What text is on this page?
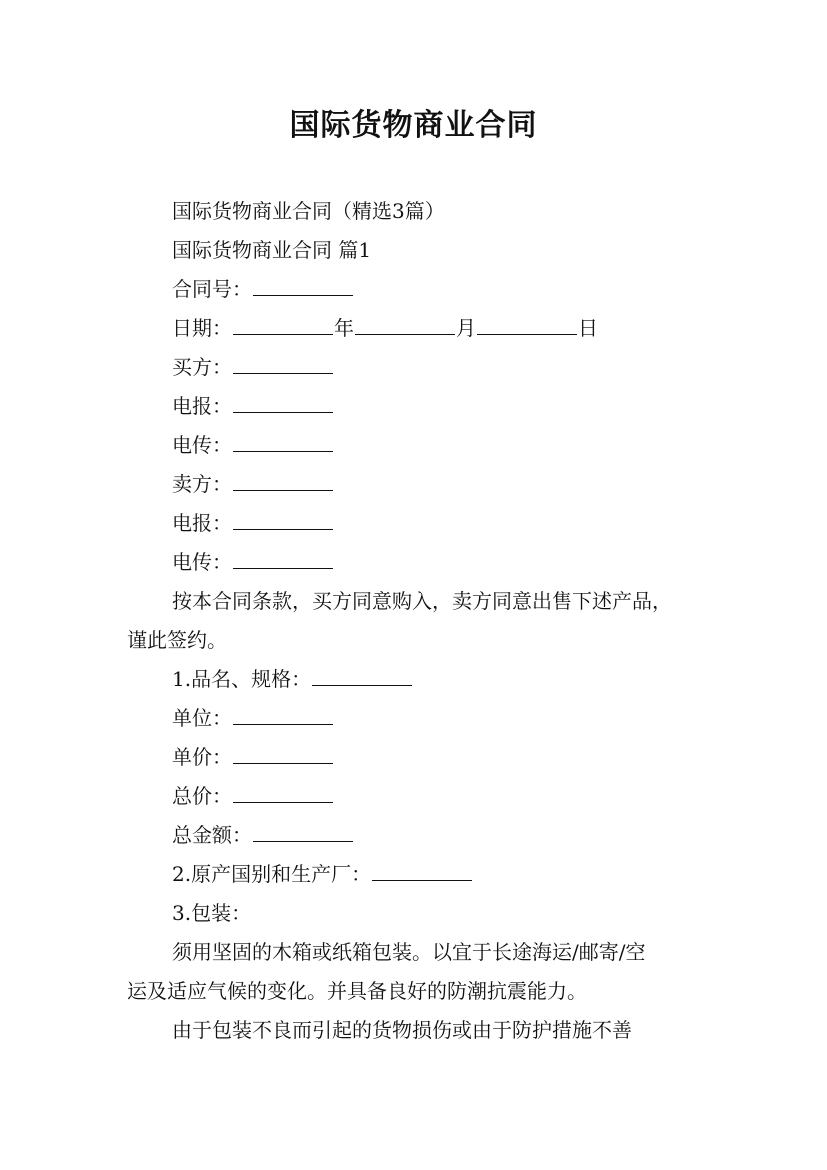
国际货物商业合同
国际货物商业合同（精选3篇）
国际货物商业合同 篇1
合同号：
日期：	年	月	日
买方：
电报：
电传：
卖方：
电报：
电传：
按本合同条款，买方同意购入，卖方同意出售下述产品，
谨此签约。
1.品名、规格：
单位：
单价：
总价：
总金额：
2.原产国别和生产厂：
3.包装：
须用坚固的木箱或纸箱包装。以宜于长途海运/邮寄/空
运及适应气候的变化。并具备良好的防潮抗震能力。
由于包装不良而引起的货物损伤或由于防护措施不善
